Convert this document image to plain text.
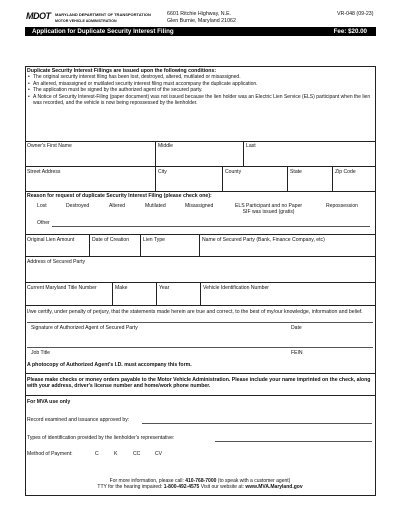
MDOT	MARYLAND DEPARTMENT OF TRANSPORTATION
MOTOR VEHICLE ADMINISTRATION
6601 Ritchie Highway, N.E.
Glen Burnie, Maryland 21062
VR-048 (09-23)
Application for Duplicate Security Interest Filing	Fee: $20.00
Duplicate Security Interest Fillings are issued upon the following conditions:
• The original security interest filing has been lost, destroyed, altered, mutilated or misassigned.
• An altered, misassigned or mutilated security interest filing must accompany the duplicate application.
• The application must be signed by the authorized agent of the secured party.
• A Notice of Security Interest-Filing (paper document) was not issued because the lien holder was an Electric Lien Service (ELS) participant when the lien was recorded, and the vehicle is now being repossessed by the lienholder.
Owner's First Name	Middle	Last
Street Address	City	County	State	Zip Code
Reason for request of duplicate Security Interest Filing (please check one):
Lost	Destroyed	Altered	Mutilated	Misassigned	ELS Participant and no Paper
SIF was issued (gratis)
Repossession
Other
Original Lien Amount	Date of Creation	Lien Type	Name of Secured Party (Bank, Finance Company, etc)
Address of Secured Party
Current Maryland Title Number	Make	Year	Vehicle Identification Number
I/we certify, under penalty of perjury, that the statements made herein are true and correct, to the best of my/our knowledge, information and belief.
Signature of Authorized Agent of Secured Party	Date
Job Title	FEIN
A photocopy of Authorized Agent's I.D. must accompany this form.
Please make checks or money orders payable to the Motor Vehicle Administration. Please include your name imprinted on the check, along with your address, driver's license number and home/work phone number.
For MVA use only
Record examined and issuance approved by:
Types of identification provided by the lienholder's representative:
Method of Payment:	C	K	CC	CV
For more information, please call: 410-768-7000 (to speak with a customer agent)
TTY for the hearing impaired: 1-800-492-4575 Visit our website at: www.MVA.Maryland.gov
